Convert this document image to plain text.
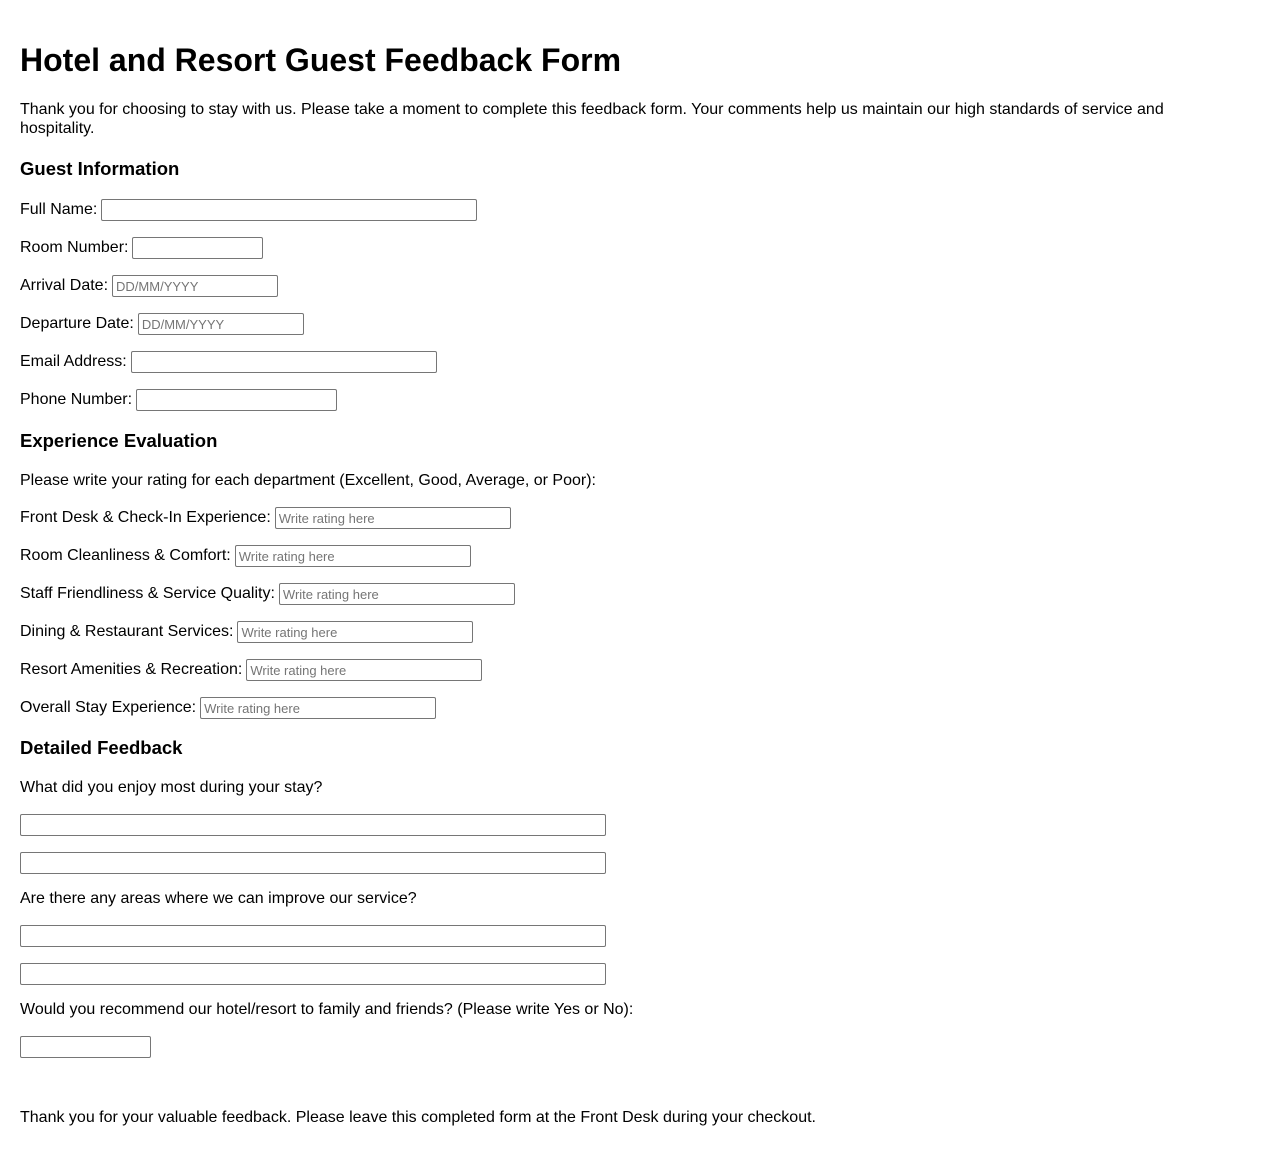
Hotel and Resort Guest Feedback Form

Thank you for choosing to stay with us. Please take a moment to complete this feedback form. Your comments help us maintain our high standards of service and hospitality.

Guest Information
Full Name:
Room Number:
Arrival Date:
DD/MM/YYYY
Departure Date:
DD/MM/YYYY
Email Address:
Phone Number:
Experience Evaluation
Please write your rating for each department (Excellent, Good, Average, or Poor):
Front Desk & Check-In Experience:
Write rating here
Room Cleanliness & Comfort:
Write rating here
Staff Friendliness & Service Quality:
Write rating here
Dining & Restaurant Services:
Write rating here
Resort Amenities & Recreation:
Write rating here
Overall Stay Experience:
Write rating here
Detailed Feedback
What did you enjoy most during your stay?
Are there any areas where we can improve our service?
Would you recommend our hotel/resort to family and friends? (Please write Yes or No):
Thank you for your valuable feedback. Please leave this completed form at the Front Desk during your checkout.
